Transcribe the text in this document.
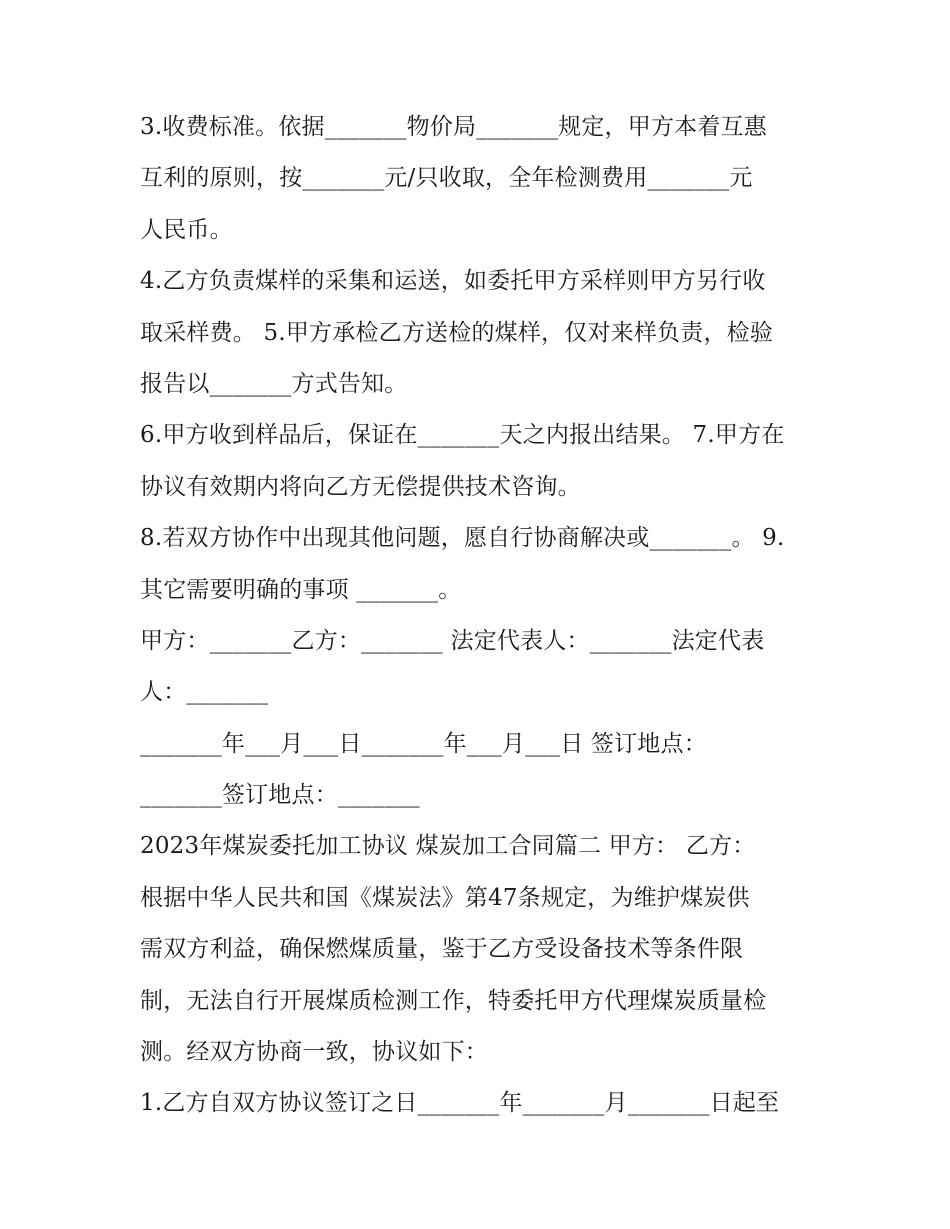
3.收费标准。依据_______物价局_______规定，甲方本着互惠
互利的原则，按_______元/只收取，全年检测费用_______元
人民币。
4.乙方负责煤样的采集和运送，如委托甲方采样则甲方另行收
取采样费。 5.甲方承检乙方送检的煤样，仅对来样负责，检验
报告以_______方式告知。
6.甲方收到样品后，保证在_______天之内报出结果。 7.甲方在
协议有效期内将向乙方无偿提供技术咨询。
8.若双方协作中出现其他问题，愿自行协商解决或_______。 9.
其它需要明确的事项 _______。
甲方：_______乙方：_______ 法定代表人：_______法定代表
人：_______
_______年___月___日_______年___月___日 签订地点：
_______签订地点：_______
2023年煤炭委托加工协议 煤炭加工合同篇二 甲方： 乙方：
根据中华人民共和国《煤炭法》第47条规定，为维护煤炭供
需双方利益，确保燃煤质量，鉴于乙方受设备技术等条件限
制，无法自行开展煤质检测工作，特委托甲方代理煤炭质量检
测。经双方协商一致，协议如下：
1.乙方自双方协议签订之日_______年_______月_______日起至
